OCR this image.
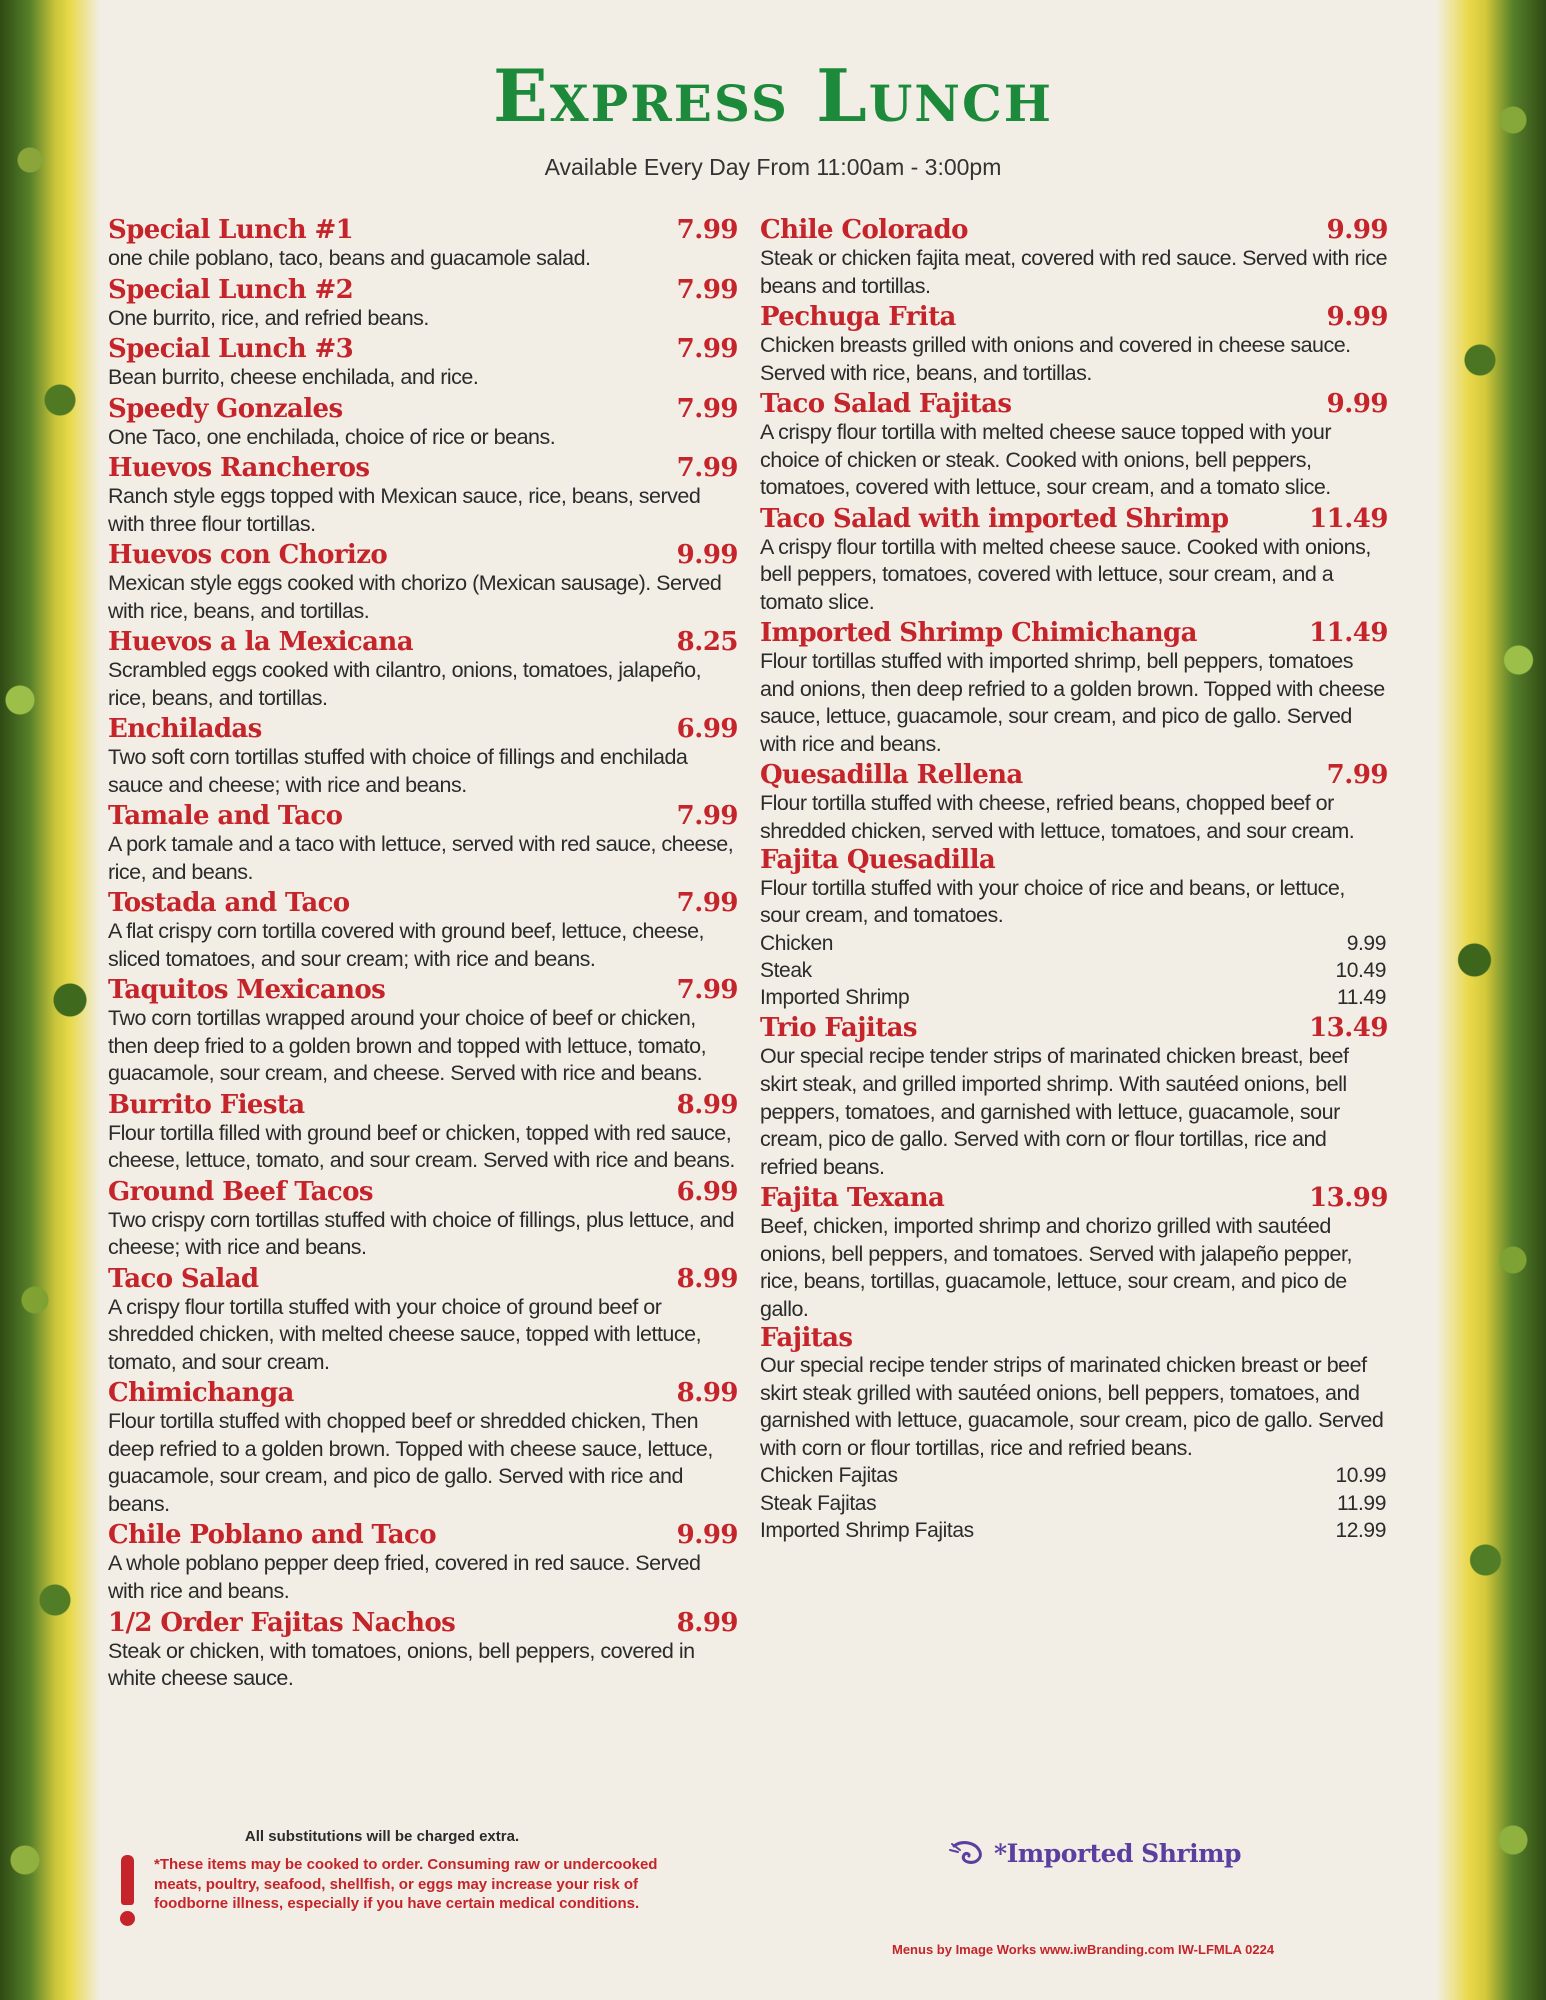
Express Lunch
Available Every Day From 11:00am - 3:00pm
Special Lunch #1	7.99
one chile poblano, taco, beans and guacamole salad.
Special Lunch #2	7.99
One burrito, rice, and refried beans.
Special Lunch #3	7.99
Bean burrito, cheese enchilada, and rice.
Speedy Gonzales	7.99
One Taco, one enchilada, choice of rice or beans.
Huevos Rancheros	7.99
Ranch style eggs topped with Mexican sauce, rice, beans, served with three flour tortillas.
Huevos con Chorizo	9.99
Mexican style eggs cooked with chorizo (Mexican sausage). Served with rice, beans, and tortillas.
Huevos a la Mexicana	8.25
Scrambled eggs cooked with cilantro, onions, tomatoes, jalapeño, rice, beans, and tortillas.
Enchiladas	6.99
Two soft corn tortillas stuffed with choice of fillings and enchilada sauce and cheese; with rice and beans.
Tamale and Taco	7.99
A pork tamale and a taco with lettuce, served with red sauce, cheese, rice, and beans.
Tostada and Taco	7.99
A flat crispy corn tortilla covered with ground beef, lettuce, cheese, sliced tomatoes, and sour cream; with rice and beans.
Taquitos Mexicanos	7.99
Two corn tortillas wrapped around your choice of beef or chicken, then deep fried to a golden brown and topped with lettuce, tomato, guacamole, sour cream, and cheese. Served with rice and beans.
Burrito Fiesta	8.99
Flour tortilla filled with ground beef or chicken, topped with red sauce, cheese, lettuce, tomato, and sour cream. Served with rice and beans.
Ground Beef Tacos	6.99
Two crispy corn tortillas stuffed with choice of fillings, plus lettuce, and cheese; with rice and beans.
Taco Salad	8.99
A crispy flour tortilla stuffed with your choice of ground beef or shredded chicken, with melted cheese sauce, topped with lettuce, tomato, and sour cream.
Chimichanga	8.99
Flour tortilla stuffed with chopped beef or shredded chicken, Then deep refried to a golden brown. Topped with cheese sauce, lettuce, guacamole, sour cream, and pico de gallo. Served with rice and beans.
Chile Poblano and Taco	9.99
A whole poblano pepper deep fried, covered in red sauce. Served with rice and beans.
1/2 Order Fajitas Nachos	8.99
Steak or chicken, with tomatoes, onions, bell peppers, covered in white cheese sauce.
Chile Colorado	9.99
Steak or chicken fajita meat, covered with red sauce. Served with rice beans and tortillas.
Pechuga Frita	9.99
Chicken breasts grilled with onions and covered in cheese sauce. Served with rice, beans, and tortillas.
Taco Salad Fajitas	9.99
A crispy flour tortilla with melted cheese sauce topped with your choice of chicken or steak. Cooked with onions, bell peppers, tomatoes, covered with lettuce, sour cream, and a tomato slice.
Taco Salad with imported Shrimp	11.49
A crispy flour tortilla with melted cheese sauce. Cooked with onions, bell peppers, tomatoes, covered with lettuce, sour cream, and a tomato slice.
Imported Shrimp Chimichanga	11.49
Flour tortillas stuffed with imported shrimp, bell peppers, tomatoes and onions, then deep refried to a golden brown. Topped with cheese sauce, lettuce, guacamole, sour cream, and pico de gallo. Served with rice and beans.
Quesadilla Rellena	7.99
Flour tortilla stuffed with cheese, refried beans, chopped beef or shredded chicken, served with lettuce, tomatoes, and sour cream.
Fajita Quesadilla
Flour tortilla stuffed with your choice of rice and beans, or lettuce, sour cream, and tomatoes.
Chicken	9.99
Steak	10.49
Imported Shrimp	11.49
Trio Fajitas	13.49
Our special recipe tender strips of marinated chicken breast, beef skirt steak, and grilled imported shrimp. With sautéed onions, bell peppers, tomatoes, and garnished with lettuce, guacamole, sour cream, pico de gallo. Served with corn or flour tortillas, rice and refried beans.
Fajita Texana	13.99
Beef, chicken, imported shrimp and chorizo grilled with sautéed onions, bell peppers, and tomatoes. Served with jalapeño pepper, rice, beans, tortillas, guacamole, lettuce, sour cream, and pico de gallo.
Fajitas
Our special recipe tender strips of marinated chicken breast or beef skirt steak grilled with sautéed onions, bell peppers, tomatoes, and garnished with lettuce, guacamole, sour cream, pico de gallo. Served with corn or flour tortillas, rice and refried beans.
Chicken Fajitas	10.99
Steak Fajitas	11.99
Imported Shrimp Fajitas	12.99
All substitutions will be charged extra.
*These items may be cooked to order. Consuming raw or undercooked meats, poultry, seafood, shellfish, or eggs may increase your risk of foodborne illness, especially if you have certain medical conditions.
*Imported Shrimp
Menus by Image Works www.iwBranding.com IW-LFMLA 0224
